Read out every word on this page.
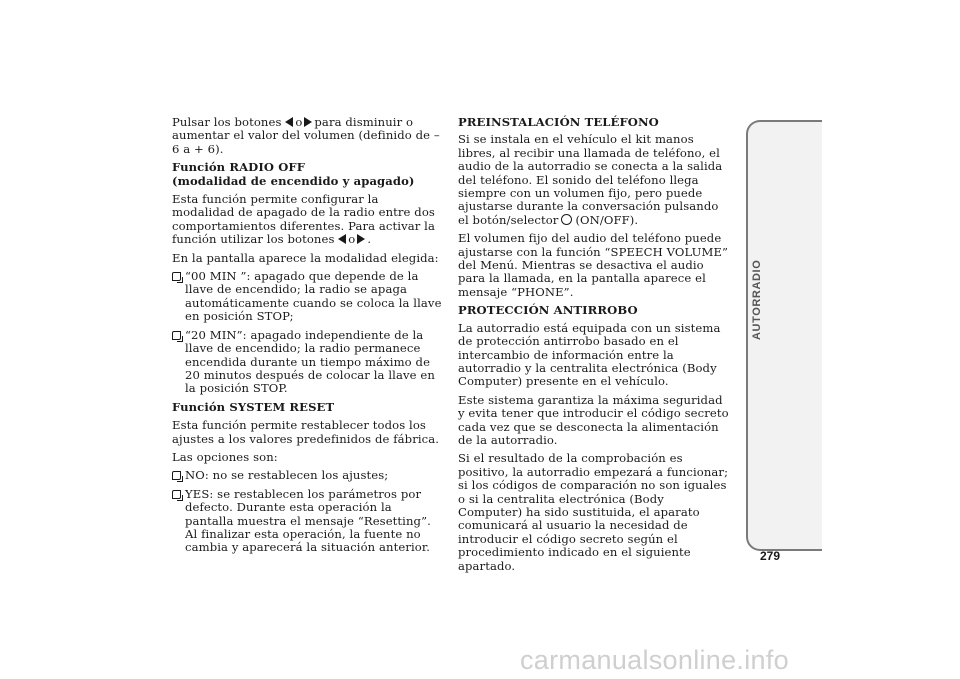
Pulsar los botones o para disminuir o aumentar el valor del volumen (definido de – 6 a + 6).

Función RADIO OFF

(modalidad de encendido y apagado)

Esta función permite configurar la modalidad de apagado de la radio entre dos comportamientos diferentes. Para activar la función utilizar los botones o .

En la pantalla aparece la modalidad elegida:

“00 MIN ”: apagado que depende de la llave de encendido; la radio se apaga automáticamente cuando se coloca la llave en posición STOP;
“20 MIN”: apagado independiente de la llave de encendido; la radio permanece encendida durante un tiempo máximo de 20 minutos después de colocar la llave en la posición STOP.

Función SYSTEM RESET

Esta función permite restablecer todos los ajustes a los valores predefinidos de fábrica.

Las opciones son:

NO: no se restablecen los ajustes;
YES: se restablecen los parámetros por defecto. Durante esta operación la pantalla muestra el mensaje “Resetting”. Al finalizar esta operación, la fuente no cambia y aparecerá la situación anterior.

PREINSTALACIÓN TELÉFONO

Si se instala en el vehículo el kit manos libres, al recibir una llamada de teléfono, el audio de la autorradio se conecta a la salida del teléfono. El sonido del teléfono llega siempre con un volumen fijo, pero puede ajustarse durante la conversación pulsando el botón/selector (ON/OFF).

El volumen fijo del audio del teléfono puede ajustarse con la función “SPEECH VOLUME” del Menú. Mientras se desactiva el audio para la llamada, en la pantalla aparece el mensaje “PHONE”.

PROTECCIÓN ANTIRROBO

La autorradio está equipada con un sistema de protección antirrobo basado en el intercambio de información entre la autorradio y la centralita electrónica (Body Computer) presente en el vehículo.

Este sistema garantiza la máxima seguridad y evita tener que introducir el código secreto cada vez que se desconecta la alimentación de la autorradio.

Si el resultado de la comprobación es positivo, la autorradio empezará a funcionar; si los códigos de comparación no son iguales o si la centralita electrónica (Body Computer) ha sido sustituida, el aparato comunicará al usuario la necesidad de introducir el código secreto según el procedimiento indicado en el siguiente apartado.

AUTORRADIO
279
carmanualsonline.info
